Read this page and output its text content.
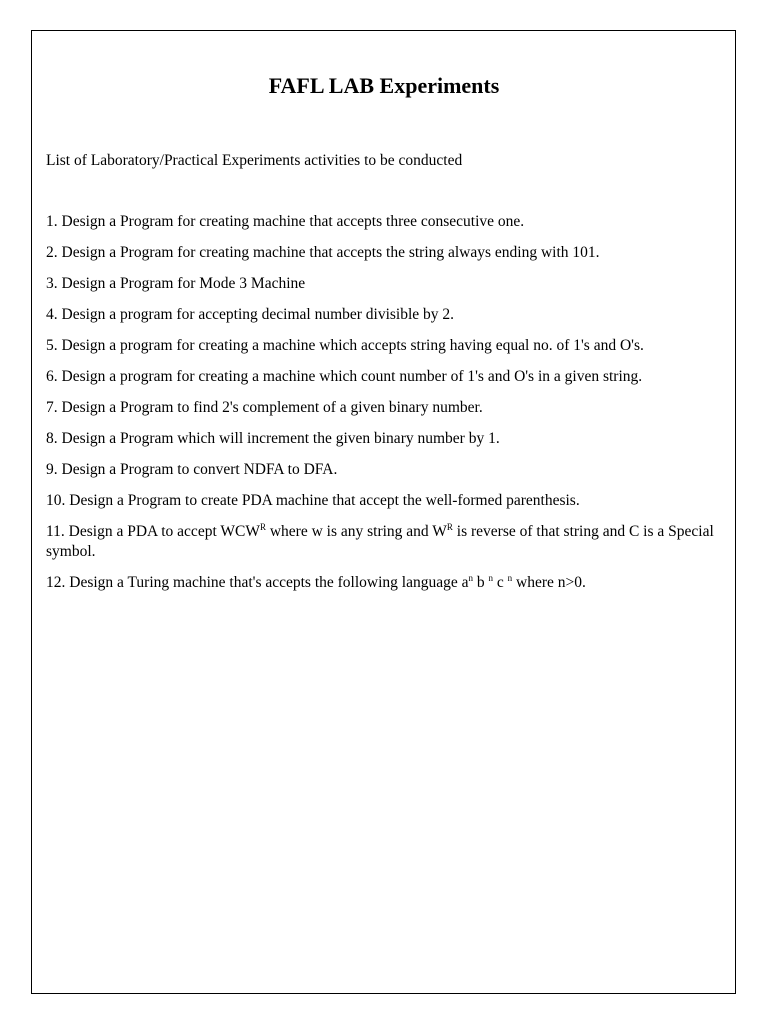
FAFL LAB Experiments

List of Laboratory/Practical Experiments activities to be conducted

1. Design a Program for creating machine that accepts three consecutive one.
2. Design a Program for creating machine that accepts the string always ending with 101.
3. Design a Program for Mode 3 Machine
4. Design a program for accepting decimal number divisible by 2.
5. Design a program for creating a machine which accepts string having equal no. of 1's and O's.
6. Design a program for creating a machine which count number of 1's and O's in a given string.
7. Design a Program to find 2's complement of a given binary number.
8. Design a Program which will increment the given binary number by 1.
9. Design a Program to convert NDFA to DFA.
10. Design a Program to create PDA machine that accept the well-formed parenthesis.
11. Design a PDA to accept $WCW^R$ where w is any string and $W^R$ is reverse of that string and C is a Special symbol.
12. Design a Turing machine that's accepts the following language $a^n$ b $^n$ c $^n$ where n>0.
